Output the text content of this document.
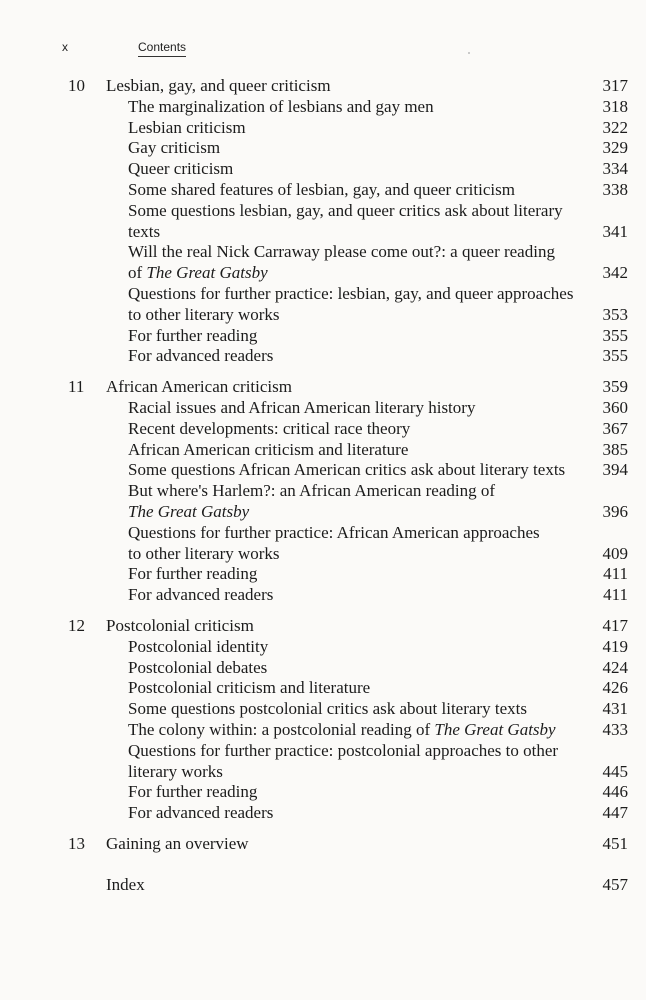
x	Contents
10 Lesbian, gay, and queer criticism	317
The marginalization of lesbians and gay men	318
Lesbian criticism	322
Gay criticism	329
Queer criticism	334
Some shared features of lesbian, gay, and queer criticism	338
Some questions lesbian, gay, and queer critics ask about literary
texts	341
Will the real Nick Carraway please come out?: a queer reading
of The Great Gatsby	342
Questions for further practice: lesbian, gay, and queer approaches
to other literary works	353
For further reading	355
For advanced readers	355
11 African American criticism	359
Racial issues and African American literary history	360
Recent developments: critical race theory	367
African American criticism and literature	385
Some questions African American critics ask about literary texts 394
But where's Harlem?: an African American reading of
The Great Gatsby	396
Questions for further practice: African American approaches
to other literary works	409
For further reading	411
For advanced readers	411
12 Postcolonial criticism	417
Postcolonial identity	419
Postcolonial debates	424
Postcolonial criticism and literature	426
Some questions postcolonial critics ask about literary texts	431
The colony within: a postcolonial reading of The Great Gatsby	433
Questions for further practice: postcolonial approaches to other
literary works	445
For further reading	446
For advanced readers	447
13 Gaining an overview	451
Index	457
